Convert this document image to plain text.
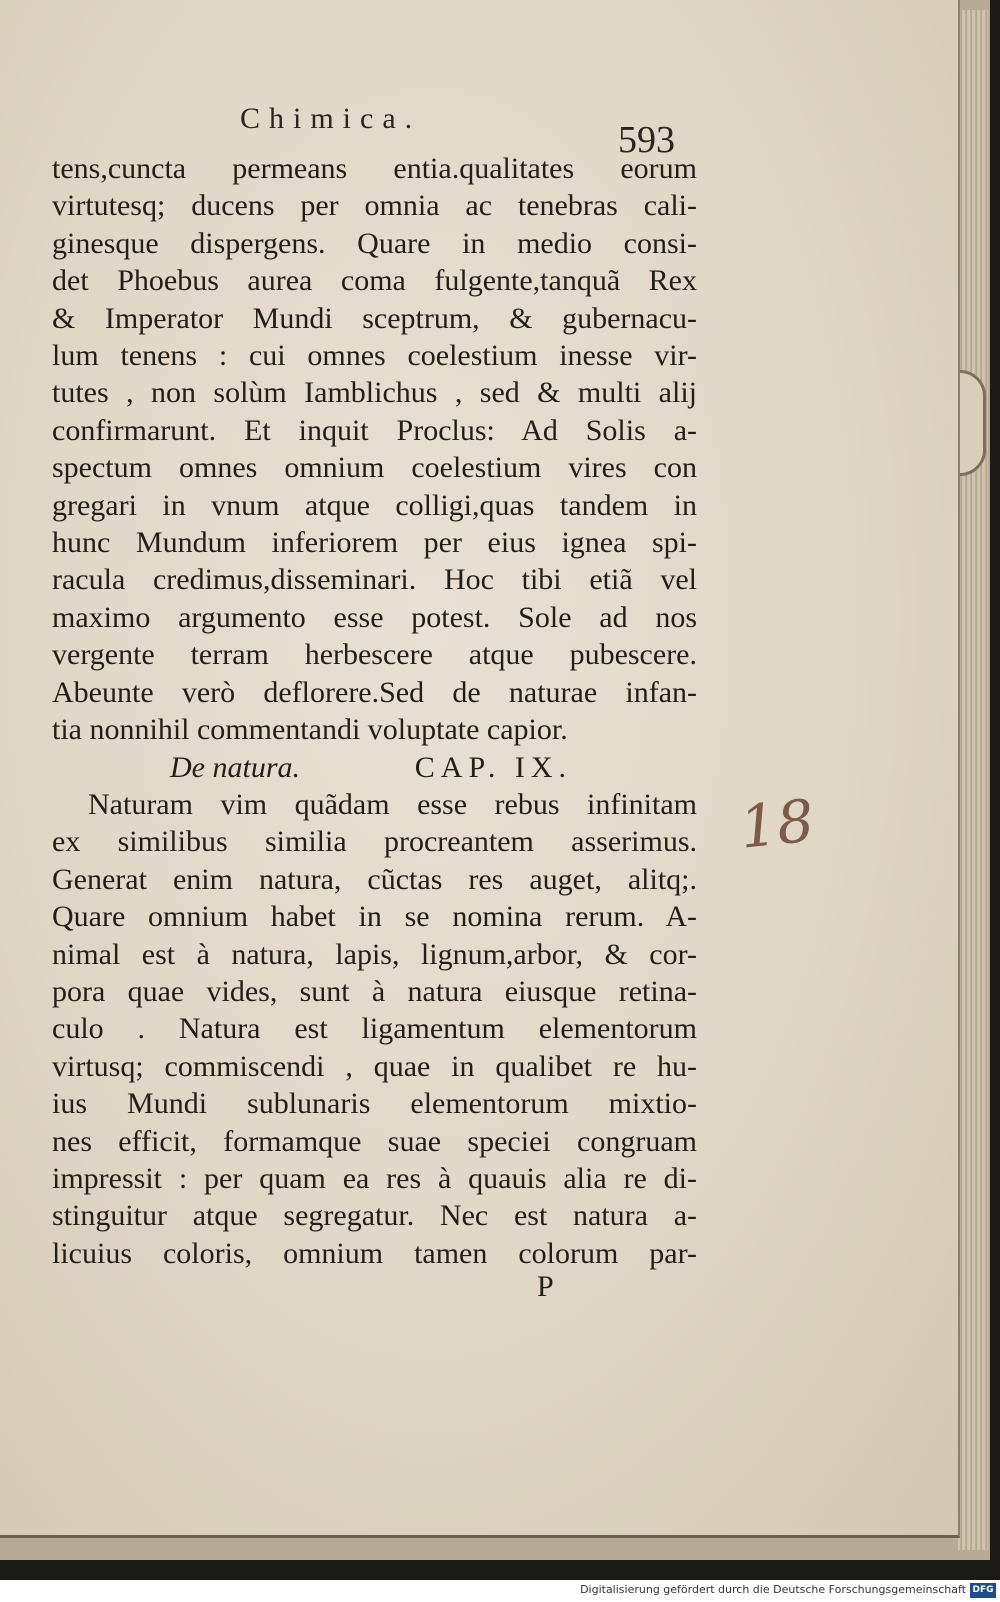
Chimica.
593
tens,cuncta permeans entia.qualitates eorum
virtutesq; ducens per omnia ac tenebras cali-
ginesque dispergens. Quare in medio consi-
det Phoebus aurea coma fulgente,tanquã Rex
& Imperator Mundi sceptrum, & gubernacu-
lum tenens : cui omnes coelestium inesse vir-
tutes , non solùm Iamblichus , sed & multi alij
confirmarunt. Et inquit Proclus: Ad Solis a-
spectum omnes omnium coelestium vires con
gregari in vnum atque colligi,quas tandem in
hunc Mundum inferiorem per eius ignea spi-
racula credimus,disseminari. Hoc tibi etiã vel
maximo argumento esse potest. Sole ad nos
vergente terram herbescere atque pubescere.
Abeunte verò deflorere.Sed de naturae infan-
tia nonnihil commentandi voluptate capior.
De natura.	CAP. IX.
Naturam vim quãdam esse rebus infinitam
ex similibus similia procreantem asserimus.
Generat enim natura, cũctas res auget, alitq;.
Quare omnium habet in se nomina rerum. A-
nimal est à natura, lapis, lignum,arbor, & cor-
pora quae vides, sunt à natura eiusque retina-
culo . Natura est ligamentum elementorum
virtusq; commiscendi , quae in qualibet re hu-
ius Mundi sublunaris elementorum mixtio-
nes efficit, formamque suae speciei congruam
impressit : per quam ea res à quauis alia re di-
stinguitur atque segregatur. Nec est natura a-
licuius coloris, omnium tamen colorum par-
P
18
Digitalisierung gefördert durch die Deutsche Forschungsgemeinschaft DFG
